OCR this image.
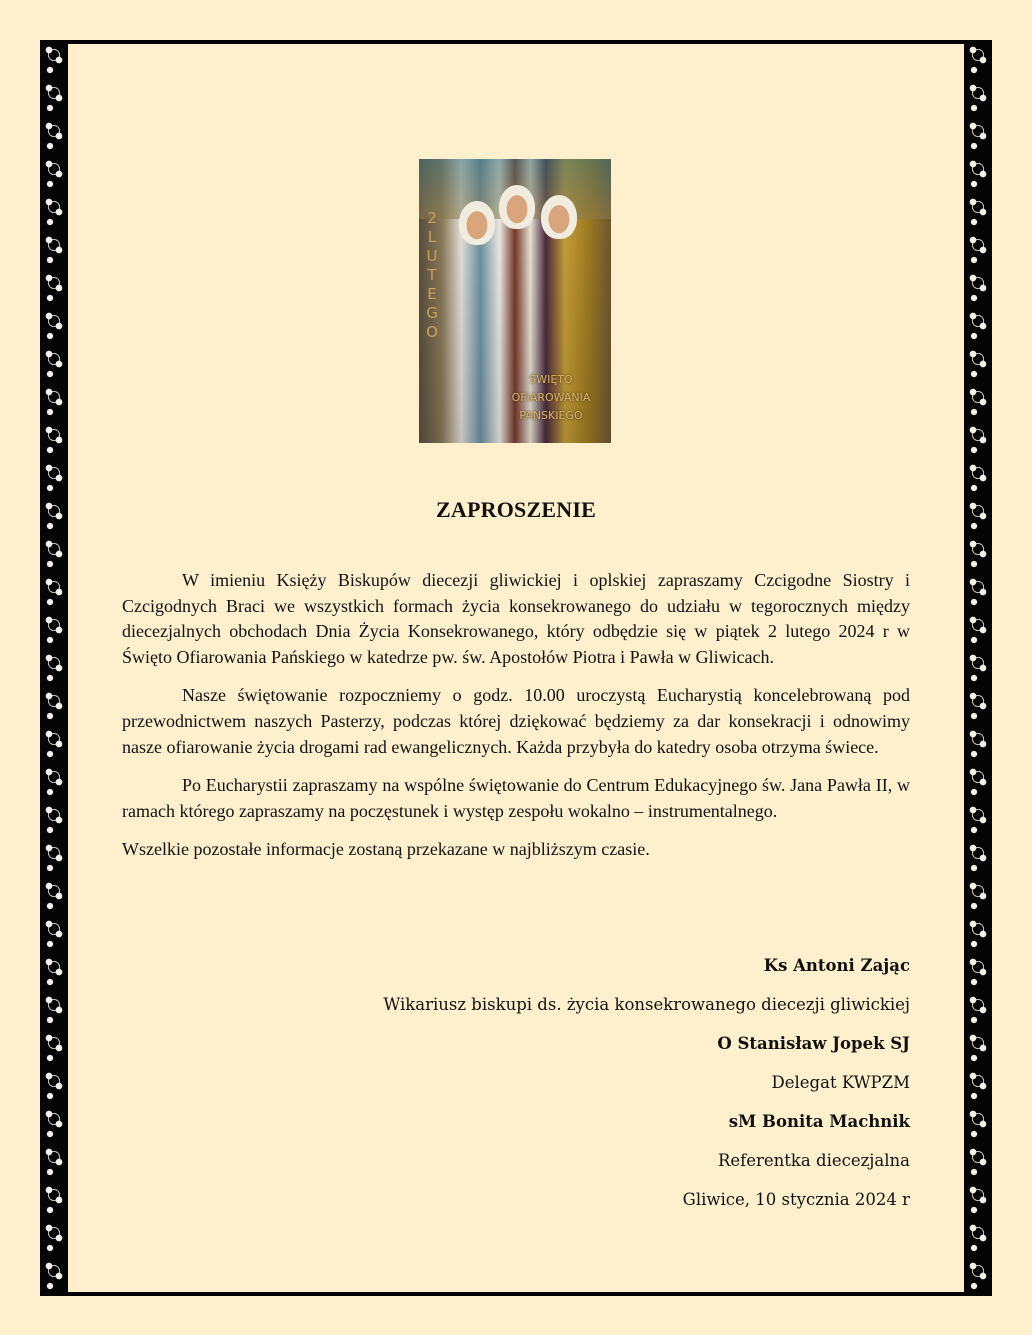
2 LUTEGO
ŚWIĘTO
OFIAROWANIA
PAŃSKIEGO
ZAPROSZENIE

W imieniu Księży Biskupów diecezji gliwickiej i oplskiej zapraszamy Czcigodne Siostry i Czcigodnych Braci we wszystkich formach życia konsekrowanego do udziału w tegorocznych między diecezjalnych obchodach Dnia Życia Konsekrowanego, który odbędzie się w piątek 2 lutego 2024 r w Święto Ofiarowania Pańskiego w katedrze pw. św. Apostołów Piotra i Pawła w Gliwicach.

Nasze świętowanie rozpoczniemy o godz. 10.00 uroczystą Eucharystią koncelebrowaną pod przewodnictwem naszych Pasterzy, podczas której dziękować będziemy za dar konsekracji i odnowimy nasze ofiarowanie życia drogami rad ewangelicznych. Każda przybyła do katedry osoba otrzyma świece.

Po Eucharystii zapraszamy na wspólne świętowanie do Centrum Edukacyjnego św. Jana Pawła II, w ramach którego zapraszamy na poczęstunek i występ zespołu wokalno – instrumentalnego.

Wszelkie pozostałe informacje zostaną przekazane w najbliższym czasie.

Ks Antoni Zając
Wikariusz biskupi ds. życia konsekrowanego diecezji gliwickiej
O Stanisław Jopek SJ
Delegat KWPZM
sM Bonita Machnik
Referentka diecezjalna
Gliwice, 10 stycznia 2024 r
